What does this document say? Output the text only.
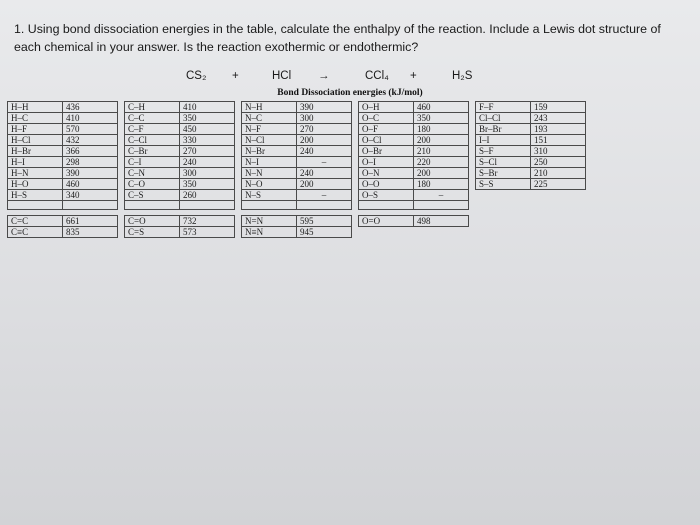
1. Using bond dissociation energies in the table, calculate the enthalpy of the reaction. Include a Lewis dot structure of each chemical in your answer. Is the reaction exothermic or endothermic?
CS₂ +	HCl →	CCl₄ +	H₂S
Bond Dissociation energies (kJ/mol)
H–H	436		C–H	410		N–H	390		O–H	460		F–F	159
H–C	410		C–C	350		N–C	300		O–C	350		Cl–Cl	243
H–F	570		C–F	450		N–F	270		O–F	180		Br–Br	193
H–Cl	432		C–Cl	330		N–Cl	200		O–Cl	200		I–I	151
H–Br	366		C–Br	270		N–Br	240		O–Br	210		S–F	310
H–I	298		C–I	240		N–I	–		O–I	220		S–Cl	250
H–N	390		C–N	300		N–N	240		O–N	200		S–Br	210
H–O	460		C–O	350		N–O	200		O–O	180		S–S	225
H–S	340		C–S	260		N–S	–		O–S	–			

C=C	661		C=O	732		N=N	595		O=O	498			
C≡C	835		C=S	573		N≡N	945						
